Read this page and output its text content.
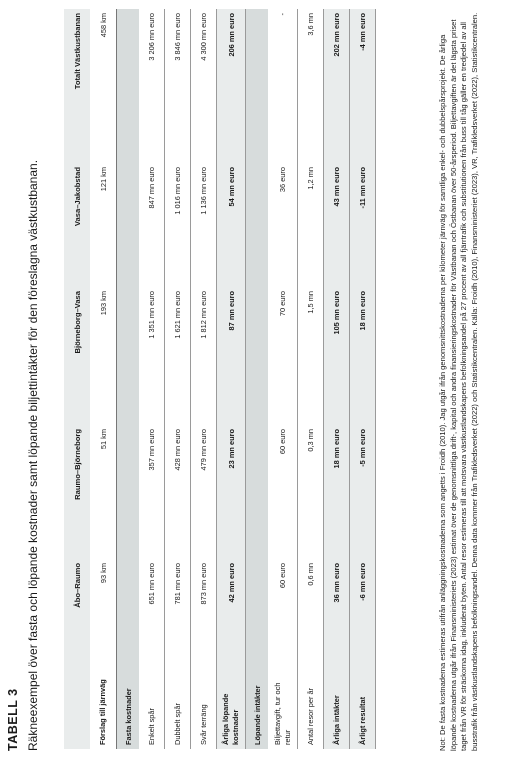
TABELL 3 Räkneexempel över fasta och löpande kostnader samt löpande biljettintäkter för den föreslagna västkustbanan.
		Åbo–Raumo	Raumo–Björneborg	Björneborg–Vasa	Vasa–Jakobstad	Totalt Västkustbanan
Förslag till järnväg	93 km	51 km	193 km	121 km	458 km
Fasta kostnader					
Enkelt spår	651 mn euro	357 mn euro	1 351 mn euro	847 mn euro	3 206 mn euro
Dubbelt spår	781 mn euro	428 mn euro	1 621 mn euro	1 016 mn euro	3 846 mn euro
Svår terräng	873 mn euro	479 mn euro	1 812 mn euro	1 136 mn euro	4 300 mn euro
Årliga löpande kostnader	42 mn euro	23 mn euro	87 mn euro	54 mn euro	206 mn euro
Löpande intäkter					
Biljettavgift, tur och retur	60 euro	60 euro	70 euro	36 euro	-
Antal resor per år	0,6 mn	0,3 mn	1,5 mn	1,2 mn	3,6 mn
Årliga intäkter	36 mn euro	18 mn euro	105 mn euro	43 mn euro	202 mn euro
Årligt resultat	-6 mn euro	-5 mn euro	18 mn euro	-11 mn euro	-4 mn euro
Not: De fasta kostnaderna estimeras utifrån anläggningskostnaderna som angetts i Froidh (2010). Jag utgår ifrån genomsnittskostnaderna per kilometer järnväg för samtliga enkel- och dubbelspårsprojekt. De årliga löpande kostnaderna utgår ifrån Finansministeriets (2023) estimat över de genomsnittliga drift-, kapital och andra finansieringskostnader för Västbanan och Östbanan över 50-årsperiod. Biljettavgiften är det lägsta priset taget från VR för sträckorna idag, inkluderat byten. Antal resor estimeras till att motsvara västkustlandskapens befolkningsandel på 27 procent av all fjärrtrafik och substitutionen från buss till tåg gäller en tredjedel av all busstrafik från västkustlandskapens befolkningsandel. Denna data kommer från Trafikledsverket (2022) och Statistikcentralen. Källa: Froidh (2010), Finansministeriet (2023), VR, Trafikledsverket (2022), Statistikcentralen.
